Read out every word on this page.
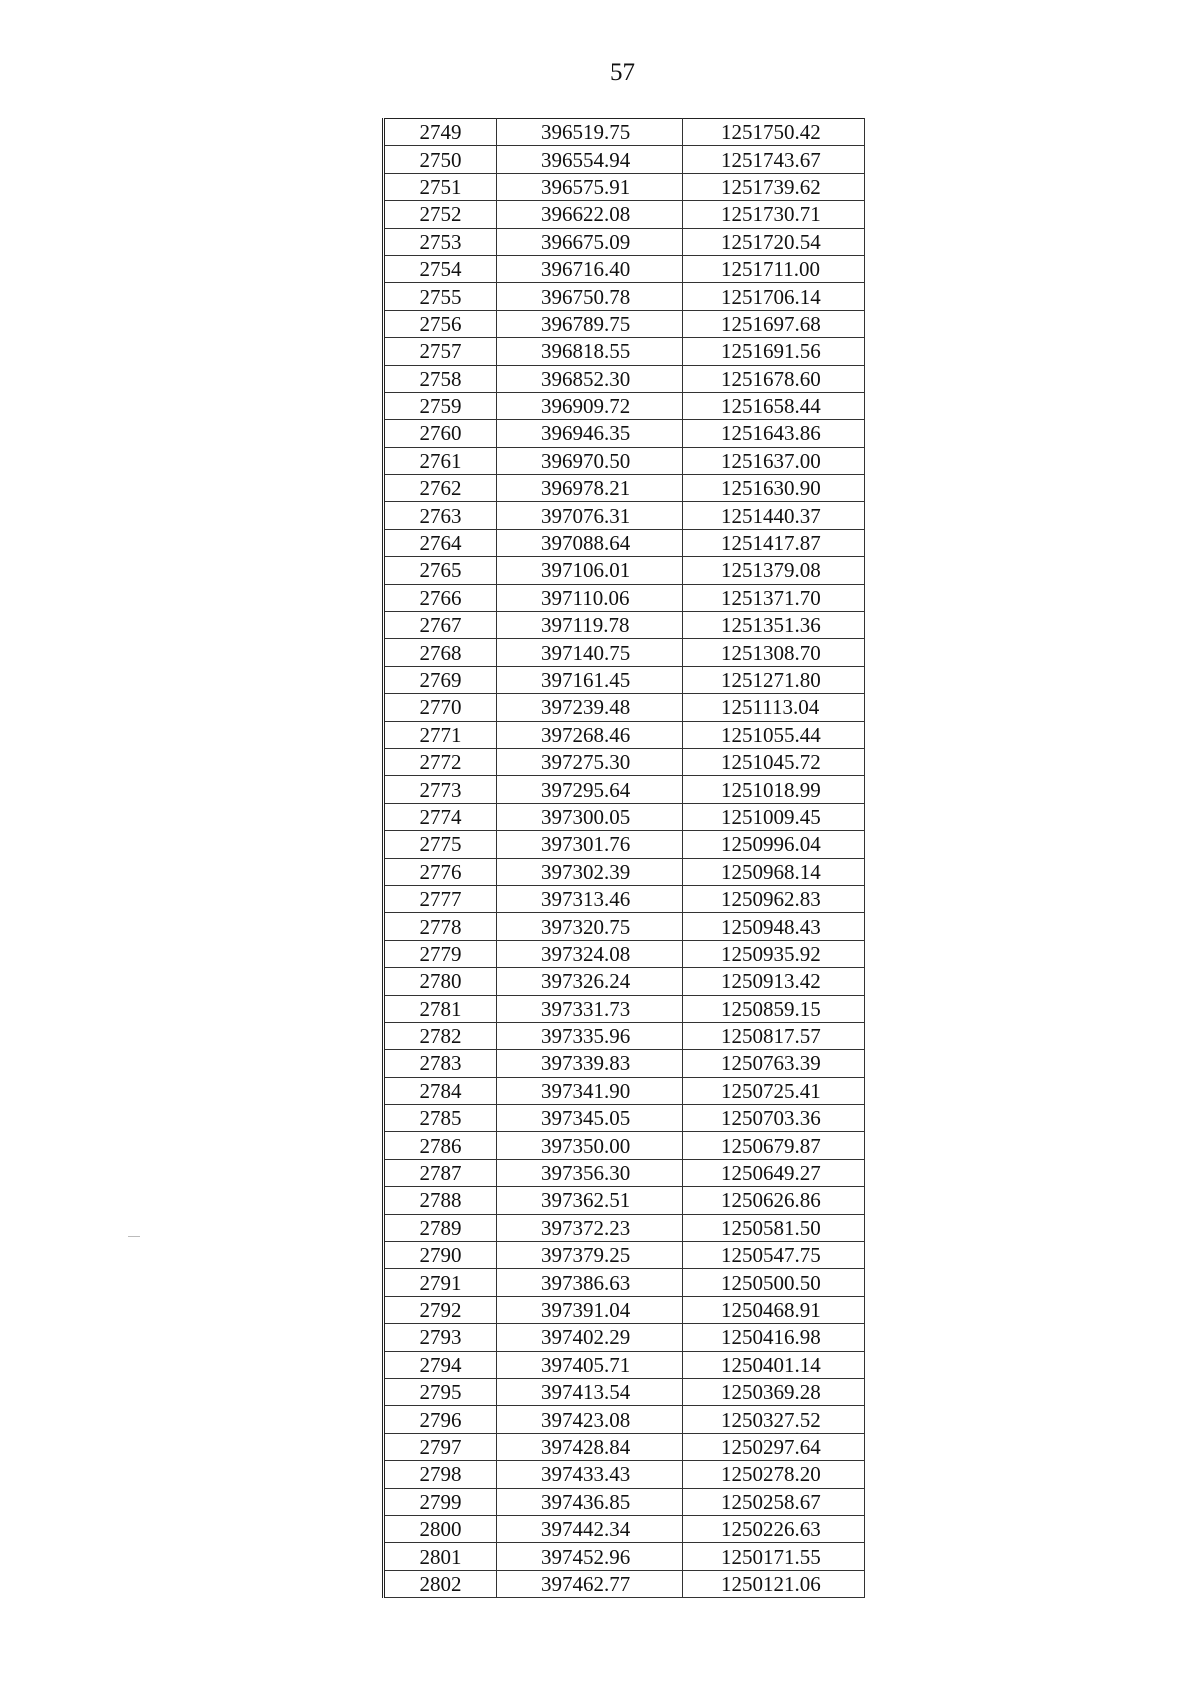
57
2749	396519.75	1251750.42
2750	396554.94	1251743.67
2751	396575.91	1251739.62
2752	396622.08	1251730.71
2753	396675.09	1251720.54
2754	396716.40	1251711.00
2755	396750.78	1251706.14
2756	396789.75	1251697.68
2757	396818.55	1251691.56
2758	396852.30	1251678.60
2759	396909.72	1251658.44
2760	396946.35	1251643.86
2761	396970.50	1251637.00
2762	396978.21	1251630.90
2763	397076.31	1251440.37
2764	397088.64	1251417.87
2765	397106.01	1251379.08
2766	397110.06	1251371.70
2767	397119.78	1251351.36
2768	397140.75	1251308.70
2769	397161.45	1251271.80
2770	397239.48	1251113.04
2771	397268.46	1251055.44
2772	397275.30	1251045.72
2773	397295.64	1251018.99
2774	397300.05	1251009.45
2775	397301.76	1250996.04
2776	397302.39	1250968.14
2777	397313.46	1250962.83
2778	397320.75	1250948.43
2779	397324.08	1250935.92
2780	397326.24	1250913.42
2781	397331.73	1250859.15
2782	397335.96	1250817.57
2783	397339.83	1250763.39
2784	397341.90	1250725.41
2785	397345.05	1250703.36
2786	397350.00	1250679.87
2787	397356.30	1250649.27
2788	397362.51	1250626.86
2789	397372.23	1250581.50
2790	397379.25	1250547.75
2791	397386.63	1250500.50
2792	397391.04	1250468.91
2793	397402.29	1250416.98
2794	397405.71	1250401.14
2795	397413.54	1250369.28
2796	397423.08	1250327.52
2797	397428.84	1250297.64
2798	397433.43	1250278.20
2799	397436.85	1250258.67
2800	397442.34	1250226.63
2801	397452.96	1250171.55
2802	397462.77	1250121.06
